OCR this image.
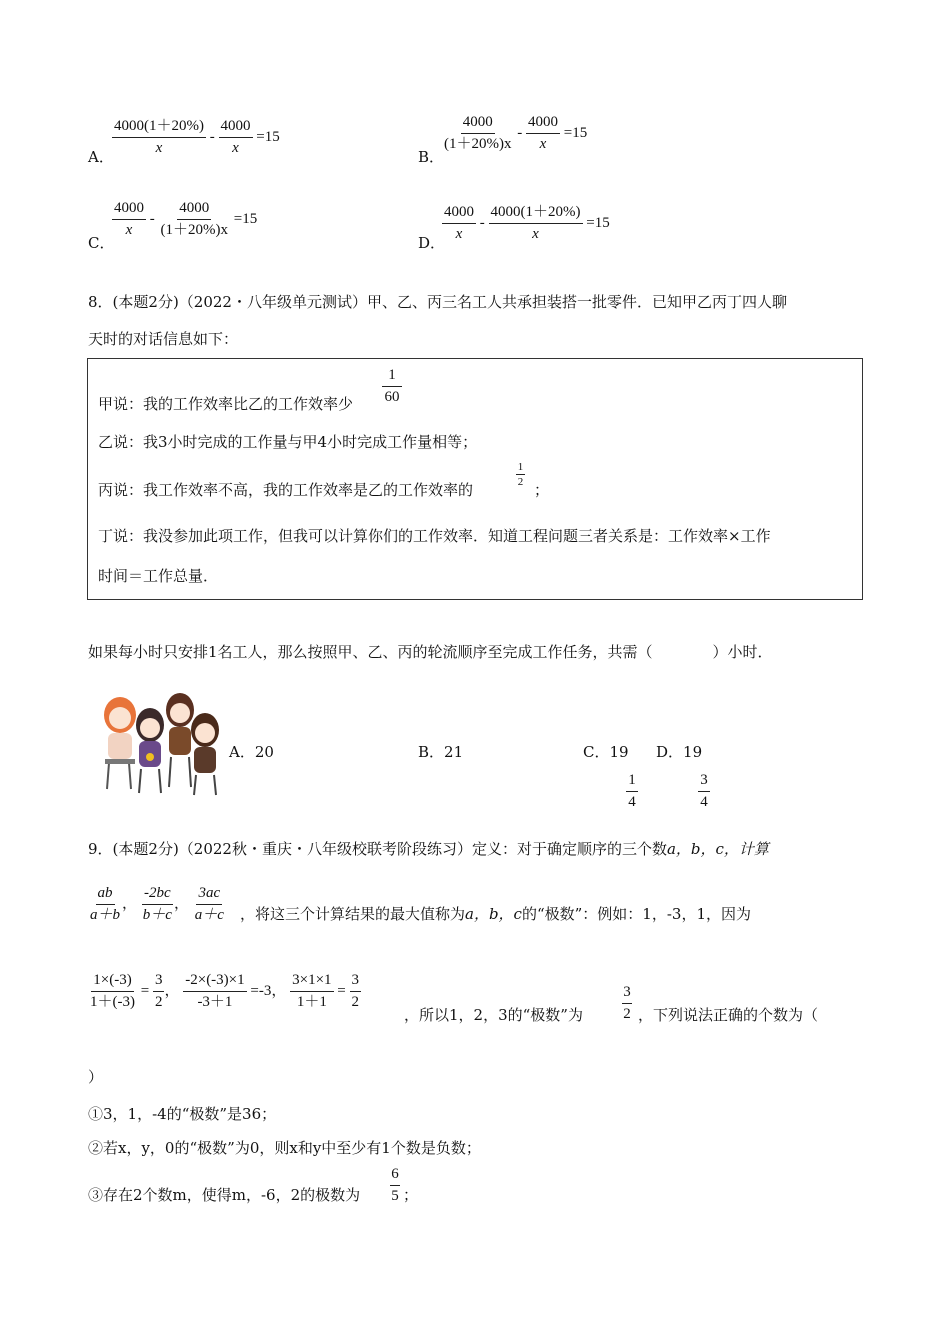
A．
$\frac{4000(1+20\%)}{x} - \frac{4000}{x} =15$
B．
$\frac{4000}{(1+20\%)x} - \frac{4000}{x} =15$
C．
$\frac{4000}{x} - \frac{4000}{(1+20\%)x} =15$
D．
$\frac{4000}{x} - \frac{4000(1+20\%)}{x} =15$
8．(本题2分)（2022・八年级单元测试）甲、乙、丙三名工人共承担装搭一批零件．已知甲乙丙丁四人聊
天时的对话信息如下：
甲说：我的工作效率比乙的工作效率少
1
60
乙说：我3小时完成的工作量与甲4小时完成工作量相等；
丙说：我工作效率不高，我的工作效率是乙的工作效率的
1
2 ；
丁说：我没参加此项工作，但我可以计算你们的工作效率．知道工程问题三者关系是：工作效率×工作
时间＝工作总量．
如果每小时只安排1名工人，那么按照甲、乙、丙的轮流顺序至完成工作任务，共需（　　　　）小时．
A．20	B．21	C．19 D．19
1
4
3
4
9．(本题2分)（2022秋・重庆・八年级校联考阶段练习）定义：对于确定顺序的三个数a，b，c，计算
$\frac{ab}{a+b}$ ， $\frac{-2bc}{b+c}$ ， $\frac{3ac}{a+c}$ ，将这三个计算结果的最大值称为a，b，c的“极数”：例如：1，-3，1，因为
$\frac{1\times(-3)}{1+(-3)} = \frac{3}{2}$ ， $\frac{-2\times(-3)\times 1}{-3+1} =-3$， $\frac{3\times 1\times 1}{1+1} = \frac{3}{2}$
，所以1，2，3的“极数”为
3
2 ，下列说法正确的个数为（
）
①3，1，-4的“极数”是36；
②若x，y，0的“极数”为0，则x和y中至少有1个数是负数；
③存在2个数m，使得m，-6，2的极数为
6
5 ；
